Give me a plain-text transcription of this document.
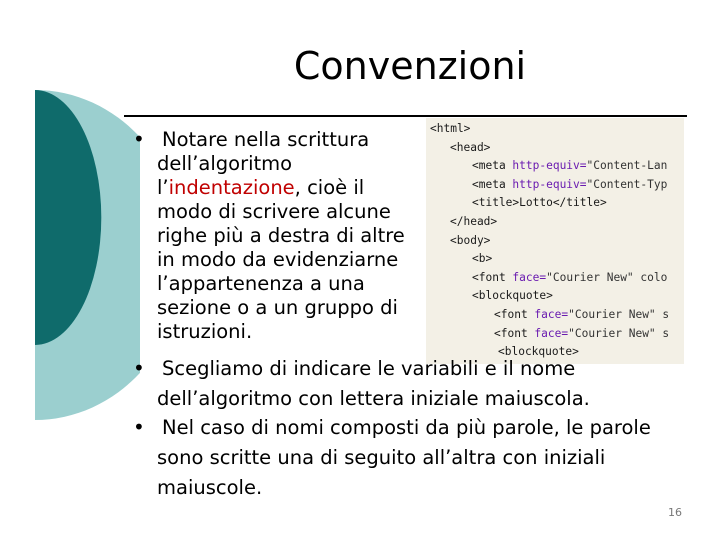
Convenzioni
<html>
<head>
<meta http-equiv="Content-Lan
<meta http-equiv="Content-Typ
<title>Lotto</title>
</head>
<body>
<b>
<font face="Courier New" colo
<blockquote>
<font face="Courier New" s
<font face="Courier New" s
<blockquote>
• Notare nella scrittura
dell’algoritmo
l’indentazione, cioè il
modo di scrivere alcune
righe più a destra di altre
in modo da evidenziarne
l’appartenenza a una
sezione o a un gruppo di
istruzioni.
• Scegliamo di indicare le variabili e il nome
dell’algoritmo con lettera iniziale maiuscola.
• Nel caso di nomi composti da più parole, le parole
sono scritte una di seguito all’altra con iniziali
maiuscole.
16
